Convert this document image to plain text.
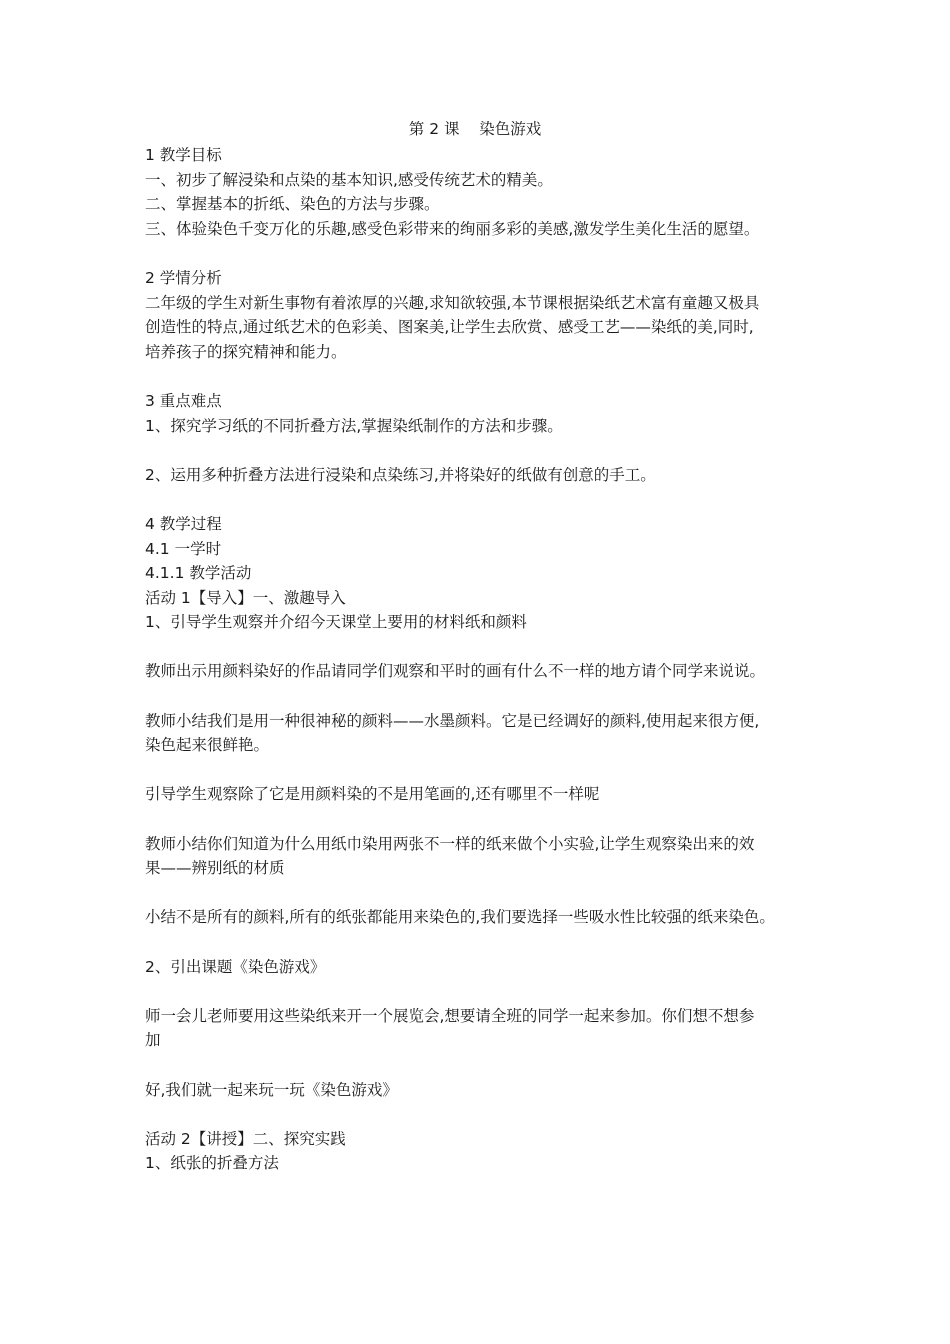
第 2 课    染色游戏

1 教学目标

一、初步了解浸染和点染的基本知识,感受传统艺术的精美。

二、掌握基本的折纸、染色的方法与步骤。

三、体验染色千变万化的乐趣,感受色彩带来的绚丽多彩的美感,激发学生美化生活的愿望。

2 学情分析

二年级的学生对新生事物有着浓厚的兴趣,求知欲较强,本节课根据染纸艺术富有童趣又极具

创造性的特点,通过纸艺术的色彩美、图案美,让学生去欣赏、感受工艺——染纸的美,同时,

培养孩子的探究精神和能力。

3 重点难点

1、探究学习纸的不同折叠方法,掌握染纸制作的方法和步骤。

2、运用多种折叠方法进行浸染和点染练习,并将染好的纸做有创意的手工。

4 教学过程

4.1 一学时

4.1.1 教学活动

活动 1【导入】一、激趣导入

1、引导学生观察并介绍今天课堂上要用的材料纸和颜料

教师出示用颜料染好的作品请同学们观察和平时的画有什么不一样的地方请个同学来说说。

教师小结我们是用一种很神秘的颜料——水墨颜料。它是已经调好的颜料,使用起来很方便,

染色起来很鲜艳。

引导学生观察除了它是用颜料染的不是用笔画的,还有哪里不一样呢

教师小结你们知道为什么用纸巾染用两张不一样的纸来做个小实验,让学生观察染出来的效

果——辨别纸的材质

小结不是所有的颜料,所有的纸张都能用来染色的,我们要选择一些吸水性比较强的纸来染色。

2、引出课题《染色游戏》

师一会儿老师要用这些染纸来开一个展览会,想要请全班的同学一起来参加。你们想不想参

加

好,我们就一起来玩一玩《染色游戏》

活动 2【讲授】二、探究实践

1、纸张的折叠方法
